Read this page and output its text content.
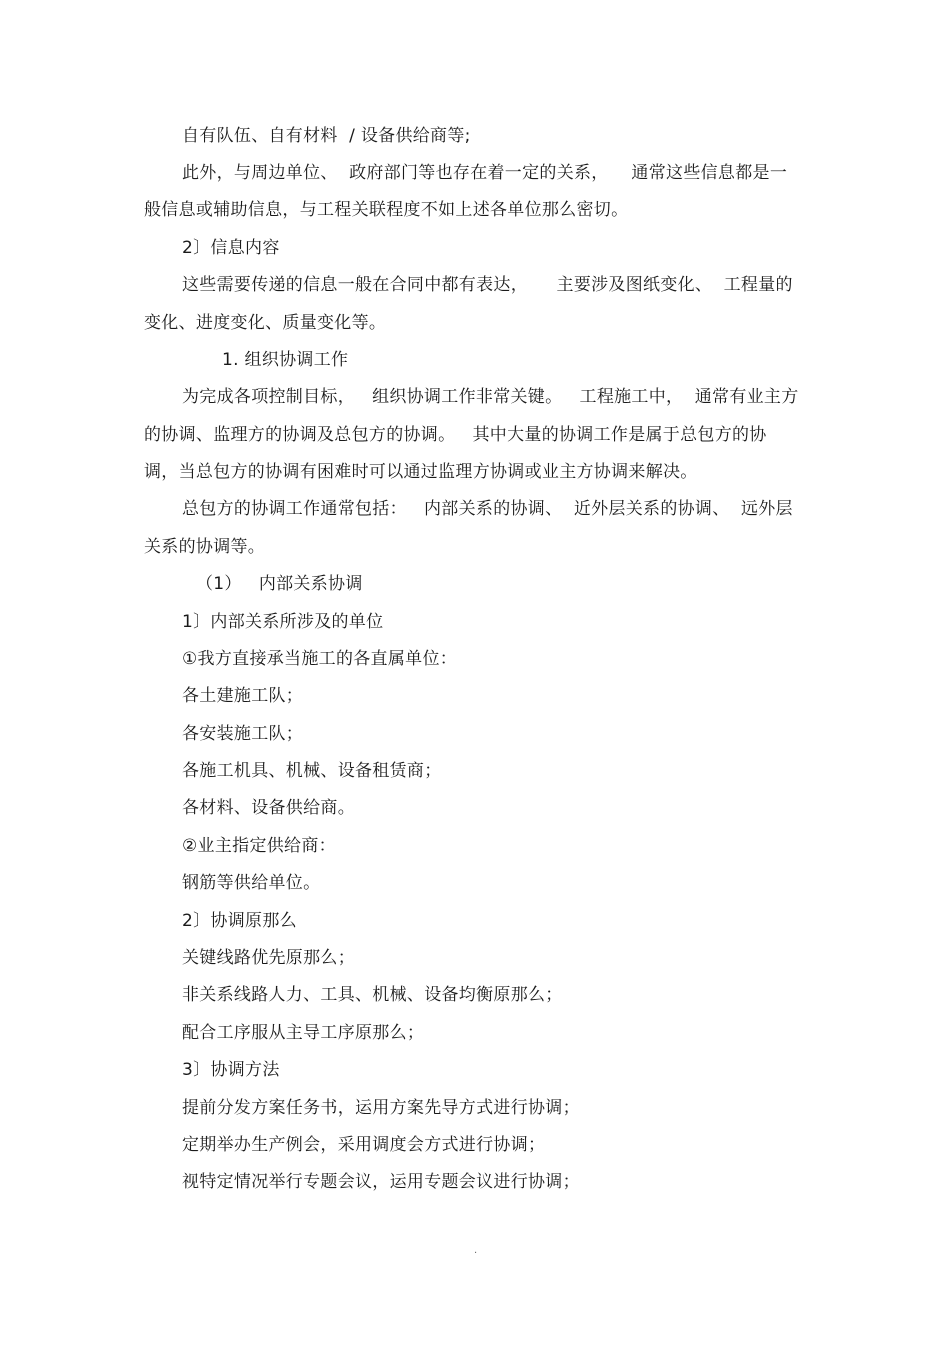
自有队伍、自有材料  / 设备供给商等;
此外，与周边单位、  政府部门等也存在着一定的关系，    通常这些信息都是一
般信息或辅助信息，与工程关联程度不如上述各单位那么密切。
2〕信息内容
这些需要传递的信息一般在合同中都有表达，     主要涉及图纸变化、  工程量的
变化、进度变化、质量变化等。
1. 组织协调工作
为完成各项控制目标，   组织协调工作非常关键。   工程施工中，  通常有业主方
的协调、监理方的协调及总包方的协调。   其中大量的协调工作是属于总包方的协
调，当总包方的协调有困难时可以通过监理方协调或业主方协调来解决。
总包方的协调工作通常包括：   内部关系的协调、  近外层关系的协调、  远外层
关系的协调等。
（1）   内部关系协调
1〕内部关系所涉及的单位
①我方直接承当施工的各直属单位：
各土建施工队；
各安装施工队；
各施工机具、机械、设备租赁商；
各材料、设备供给商。
②业主指定供给商：
钢筋等供给单位。
2〕协调原那么
关键线路优先原那么；
非关系线路人力、工具、机械、设备均衡原那么；
配合工序服从主导工序原那么；
3〕协调方法
提前分发方案任务书，运用方案先导方式进行协调；
定期举办生产例会，采用调度会方式进行协调；
视特定情况举行专题会议，运用专题会议进行协调；
.
